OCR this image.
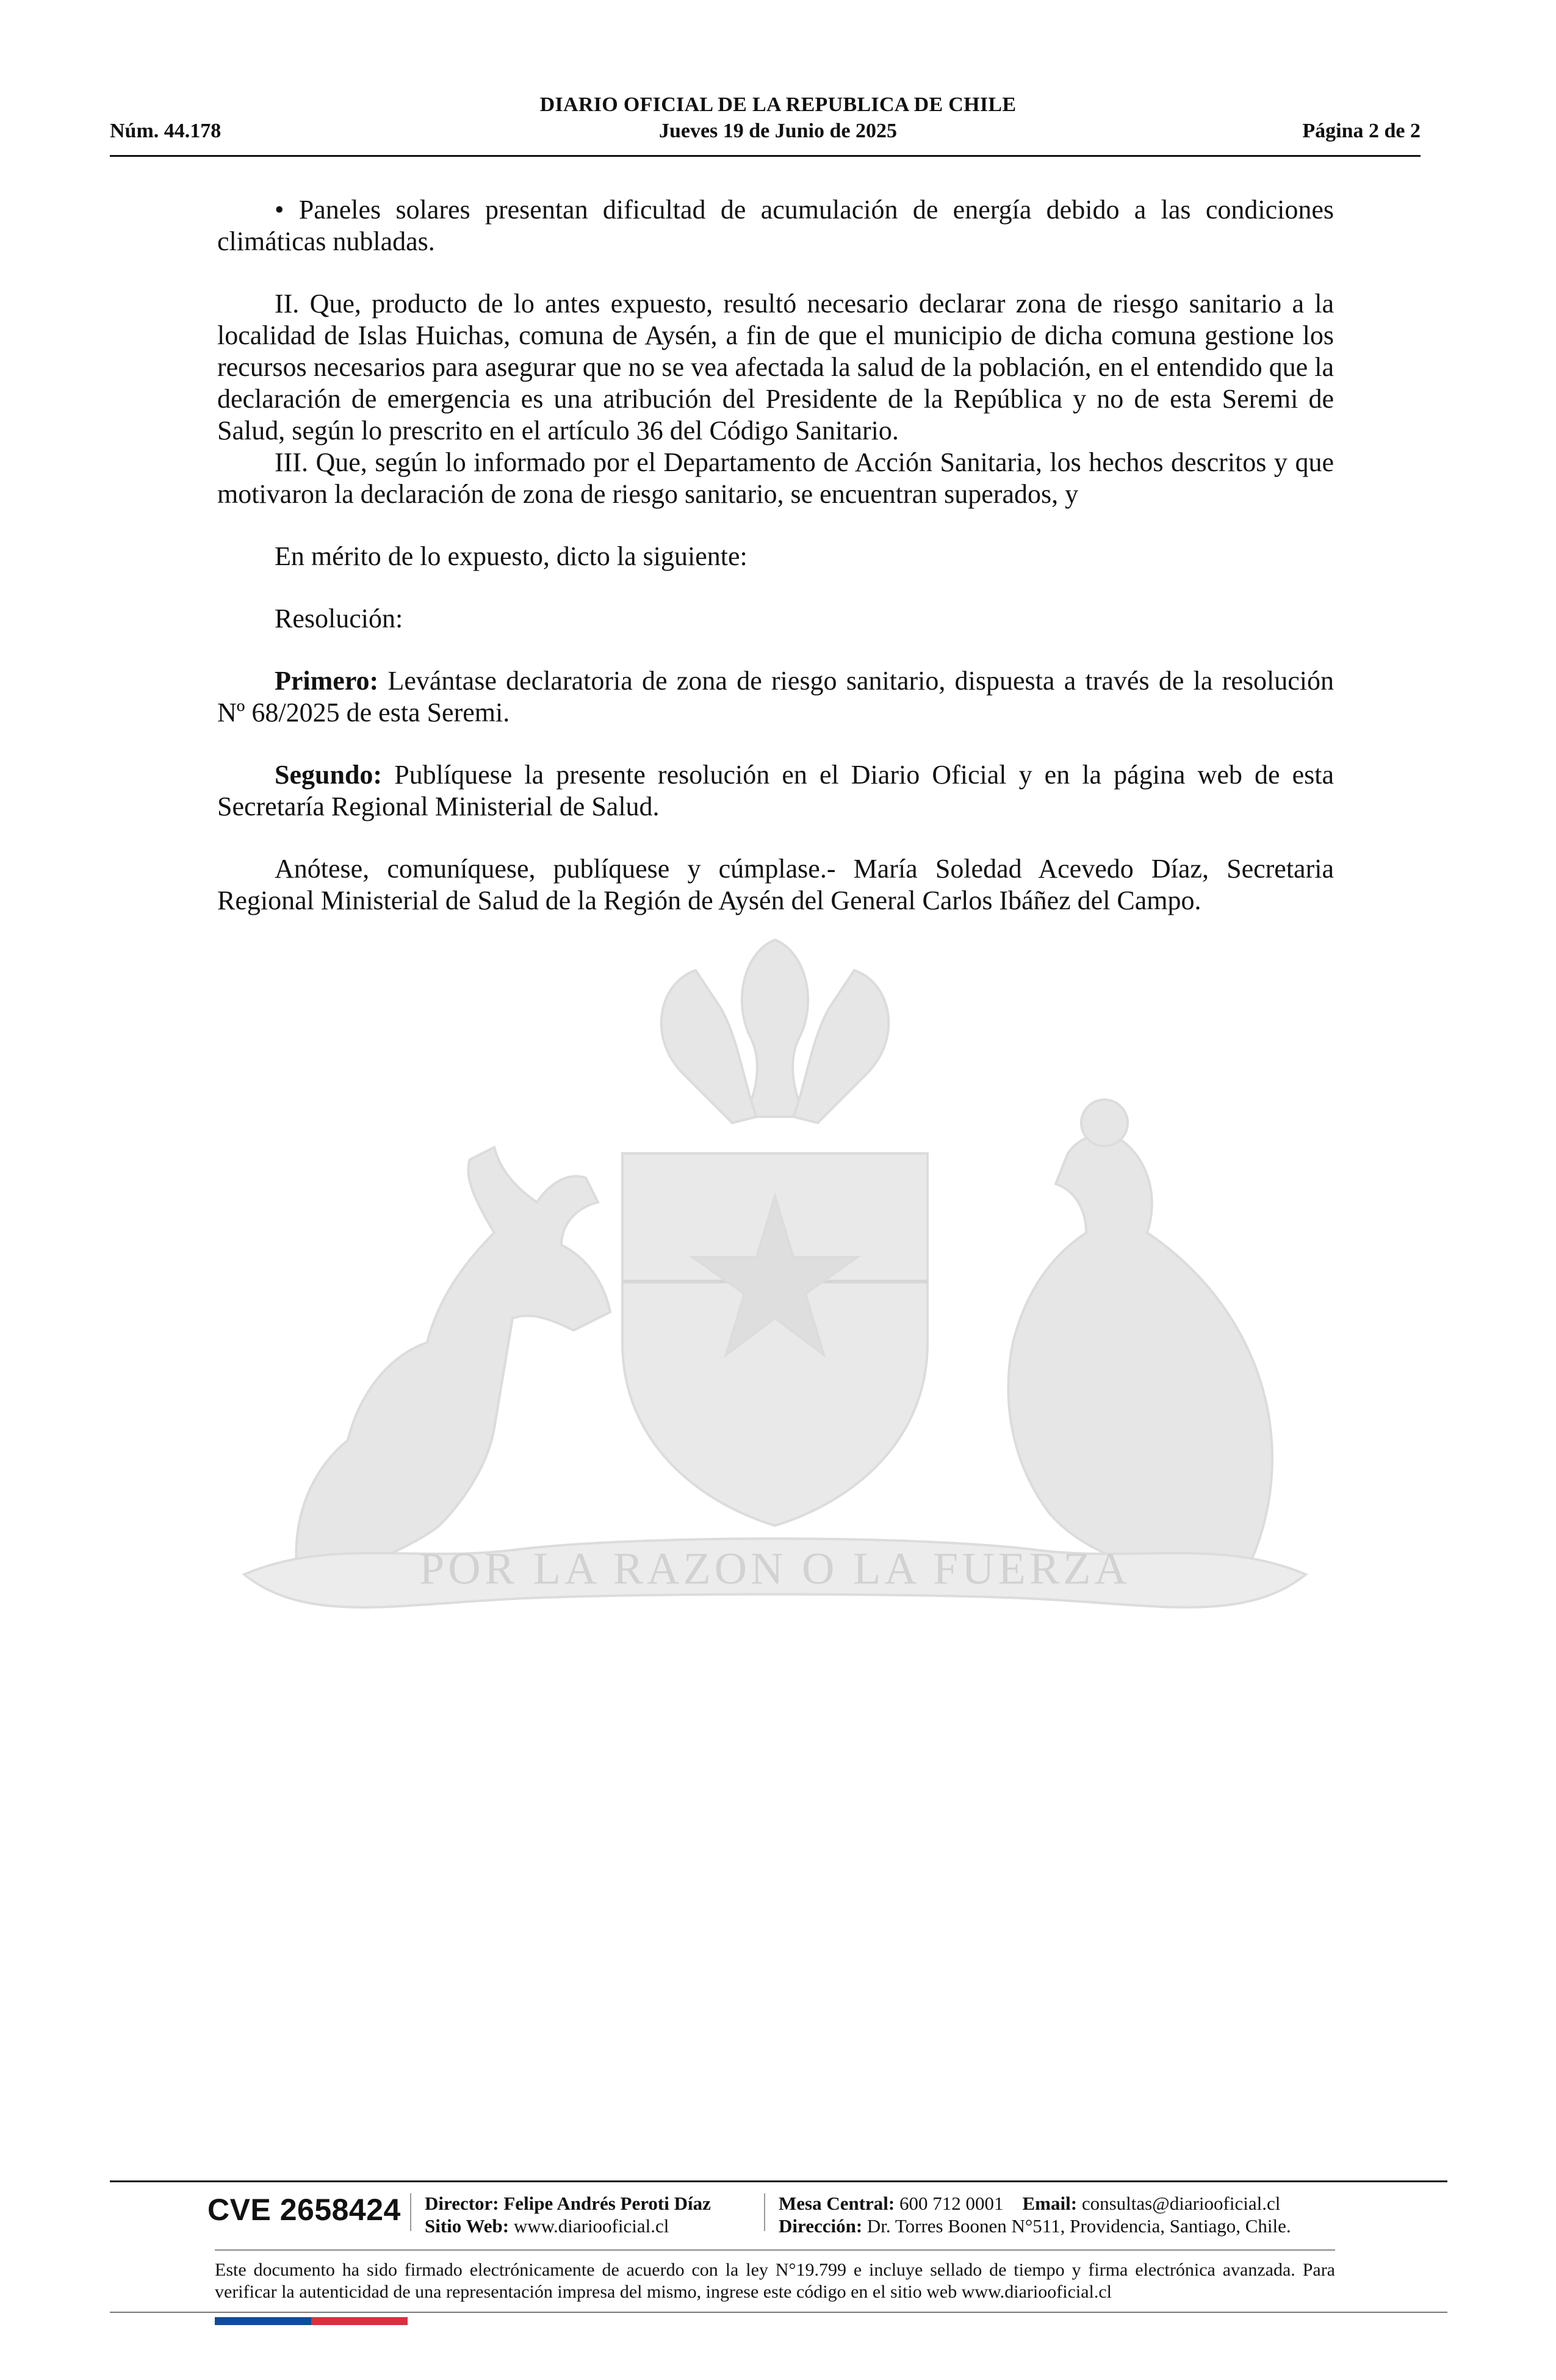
DIARIO OFICIAL DE LA REPUBLICA DE CHILE
Núm. 44.178	Jueves 19 de Junio de 2025	Página 2 de 2
POR LA RAZON O LA FUERZA

• Paneles solares presentan dificultad de acumulación de energía debido a las condiciones climáticas nubladas.

II. Que, producto de lo antes expuesto, resultó necesario declarar zona de riesgo sanitario a la localidad de Islas Huichas, comuna de Aysén, a fin de que el municipio de dicha comuna gestione los recursos necesarios para asegurar que no se vea afectada la salud de la población, en el entendido que la declaración de emergencia es una atribución del Presidente de la República y no de esta Seremi de Salud, según lo prescrito en el artículo 36 del Código Sanitario.

III. Que, según lo informado por el Departamento de Acción Sanitaria, los hechos descritos y que motivaron la declaración de zona de riesgo sanitario, se encuentran superados, y

En mérito de lo expuesto, dicto la siguiente:

Resolución:

Primero: Levántase declaratoria de zona de riesgo sanitario, dispuesta a través de la resolución Nº 68/2025 de esta Seremi.

Segundo: Publíquese la presente resolución en el Diario Oficial y en la página web de esta Secretaría Regional Ministerial de Salud.

Anótese, comuníquese, publíquese y cúmplase.- María Soledad Acevedo Díaz, Secretaria Regional Ministerial de Salud de la Región de Aysén del General Carlos Ibáñez del Campo.

CVE 2658424 Director: Felipe Andrés Peroti Díaz
Sitio Web: www.diariooficial.cl
Mesa Central: 600 712 0001 Email: consultas@diariooficial.cl
Dirección: Dr. Torres Boonen N°511, Providencia, Santiago, Chile.
Este documento ha sido firmado electrónicamente de acuerdo con la ley N°19.799 e incluye sellado de tiempo y firma electrónica avanzada. Para verificar la autenticidad de una representación impresa del mismo, ingrese este código en el sitio web www.diariooficial.cl
